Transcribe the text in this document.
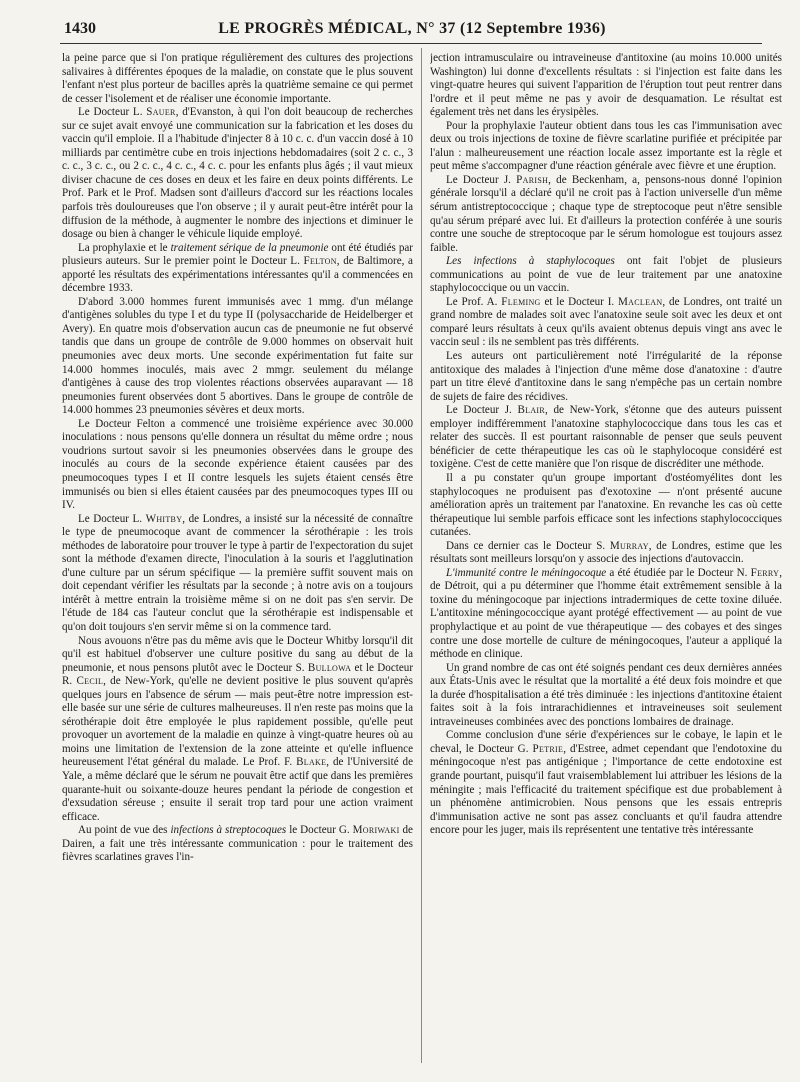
1430	LE PROGRÈS MÉDICAL, N° 37 (12 Septembre 1936)

la peine parce que si l'on pratique régulièrement des cultures des projections salivaires à différentes époques de la maladie, on constate que le plus souvent l'enfant n'est plus porteur de bacilles après la quatrième semaine ce qui permet de cesser l'isolement et de réaliser une économie importante.

Le Docteur L. Sauer, d'Evanston, à qui l'on doit beaucoup de recherches sur ce sujet avait envoyé une communication sur la fabrication et les doses du vaccin qu'il emploie. Il a l'habitude d'injecter 8 à 10 c. c. d'un vaccin dosé à 10 milliards par centimètre cube en trois injections hebdomadaires (soit 2 c. c., 3 c. c., 3 c. c., ou 2 c. c., 4 c. c., 4 c. c. pour les enfants plus âgés ; il vaut mieux diviser chacune de ces doses en deux et les faire en deux points différents. Le Prof. Park et le Prof. Madsen sont d'ailleurs d'accord sur les réactions locales parfois très douloureuses que l'on observe ; il y aurait peut-être intérêt pour la diffusion de la méthode, à augmenter le nombre des injections et diminuer le dosage ou bien à changer le véhicule liquide employé.

La prophylaxie et le traitement sérique de la pneumonie ont été étudiés par plusieurs auteurs. Sur le premier point le Docteur L. Felton, de Baltimore, a apporté les résultats des expérimentations intéressantes qu'il a commencées en décembre 1933.

D'abord 3.000 hommes furent immunisés avec 1 mmg. d'un mélange d'antigènes solubles du type I et du type II (polysaccharide de Heidelberger et Avery). En quatre mois d'observation aucun cas de pneumonie ne fut observé tandis que dans un groupe de contrôle de 9.000 hommes on observait huit pneumonies avec deux morts. Une seconde expérimentation fut faite sur 14.000 hommes inoculés, mais avec 2 mmgr. seulement du mélange d'antigènes à cause des trop violentes réactions observées auparavant — 18 pneumonies furent observées dont 5 abortives. Dans le groupe de contrôle de 14.000 hommes 23 pneumonies sévères et deux morts.

Le Docteur Felton a commencé une troisième expérience avec 30.000 inoculations : nous pensons qu'elle donnera un résultat du même ordre ; nous voudrions surtout savoir si les pneumonies observées dans le groupe des inoculés au cours de la seconde expérience étaient causées par des pneumocoques types I et II contre lesquels les sujets étaient censés être immunisés ou bien si elles étaient causées par des pneumocoques types III ou IV.

Le Docteur L. Whitby, de Londres, a insisté sur la nécessité de connaître le type de pneumocoque avant de commencer la sérothérapie : les trois méthodes de laboratoire pour trouver le type à partir de l'expectoration du sujet sont la méthode d'examen directe, l'inoculation à la souris et l'agglutination d'une culture par un sérum spécifique — la première suffit souvent mais on doit cependant vérifier les résultats par la seconde ; à notre avis on a toujours intérêt à mettre entrain la troisième même si on ne doit pas s'en servir. De l'étude de 184 cas l'auteur conclut que la sérothérapie est indispensable et qu'on doit toujours s'en servir même si on la commence tard.

Nous avouons n'être pas du même avis que le Docteur Whitby lorsqu'il dit qu'il est habituel d'observer une culture positive du sang au début de la pneumonie, et nous pensons plutôt avec le Docteur S. Bullowa et le Docteur R. Cecil, de New-York, qu'elle ne devient positive le plus souvent qu'après quelques jours en l'absence de sérum — mais peut-être notre impression est-elle basée sur une série de cultures malheureuses. Il n'en reste pas moins que la sérothérapie doit être employée le plus rapidement possible, qu'elle peut provoquer un avortement de la maladie en quinze à vingt-quatre heures où au moins une limitation de l'extension de la zone atteinte et qu'elle influence heureusement l'état général du malade. Le Prof. F. Blake, de l'Université de Yale, a même déclaré que le sérum ne pouvait être actif que dans les premières quarante-huit ou soixante-douze heures pendant la période de congestion et d'exsudation séreuse ; ensuite il serait trop tard pour une action vraiment efficace.

Au point de vue des infections à streptocoques le Docteur G. Moriwaki de Dairen, a fait une très intéressante communication : pour le traitement des fièvres scarlatines graves l'in-

jection intramusculaire ou intraveineuse d'antitoxine (au moins 10.000 unités Washington) lui donne d'excellents résultats : si l'injection est faite dans les vingt-quatre heures qui suivent l'apparition de l'éruption tout peut rentrer dans l'ordre et il peut même ne pas y avoir de desquamation. Le résultat est également très net dans les érysipèles.

Pour la prophylaxie l'auteur obtient dans tous les cas l'immunisation avec deux ou trois injections de toxine de fièvre scarlatine purifiée et précipitée par l'alun : malheureusement une réaction locale assez importante est la règle et peut même s'accompagner d'une réaction générale avec fièvre et une éruption.

Le Docteur J. Parish, de Beckenham, a, pensons-nous donné l'opinion générale lorsqu'il a déclaré qu'il ne croit pas à l'action universelle d'un même sérum antistreptococcique ; chaque type de streptocoque peut n'être sensible qu'au sérum préparé avec lui. Et d'ailleurs la protection conférée à une souris contre une souche de streptocoque par le sérum homologue est toujours assez faible.

Les infections à staphylocoques ont fait l'objet de plusieurs communications au point de vue de leur traitement par une anatoxine staphylococcique ou un vaccin.

Le Prof. A. Fleming et le Docteur I. Maclean, de Londres, ont traité un grand nombre de malades soit avec l'anatoxine seule soit avec les deux et ont comparé leurs résultats à ceux qu'ils avaient obtenus depuis vingt ans avec le vaccin seul : ils ne semblent pas très différents.

Les auteurs ont particulièrement noté l'irrégularité de la réponse antitoxique des malades à l'injection d'une même dose d'anatoxine : d'autre part un titre élevé d'antitoxine dans le sang n'empêche pas un certain nombre de sujets de faire des récidives.

Le Docteur J. Blair, de New-York, s'étonne que des auteurs puissent employer indifféremment l'anatoxine staphylococcique dans tous les cas et relater des succès. Il est pourtant raisonnable de penser que seuls peuvent bénéficier de cette thérapeutique les cas où le staphylocoque considéré est toxigène. C'est de cette manière que l'on risque de discréditer une méthode.

Il a pu constater qu'un groupe important d'ostéomyélites dont les staphylocoques ne produisent pas d'exotoxine — n'ont présenté aucune amélioration après un traitement par l'anatoxine. En revanche les cas où cette thérapeutique lui semble parfois efficace sont les infections staphylococciques cutanées.

Dans ce dernier cas le Docteur S. Murray, de Londres, estime que les résultats sont meilleurs lorsqu'on y associe des injections d'autovaccin.

L'immunité contre le méningocoque a été étudiée par le Docteur N. Ferry, de Détroit, qui a pu déterminer que l'homme était extrêmement sensible à la toxine du méningocoque par injections intradermiques de cette toxine diluée. L'antitoxine méningococcique ayant protégé effectivement — au point de vue prophylactique et au point de vue thérapeutique — des cobayes et des singes contre une dose mortelle de culture de méningocoques, l'auteur a appliqué la méthode en clinique.

Un grand nombre de cas ont été soignés pendant ces deux dernières années aux États-Unis avec le résultat que la mortalité a été deux fois moindre et que la durée d'hospitalisation a été très diminuée : les injections d'antitoxine étaient faites soit à la fois intrarachidiennes et intraveineuses soit seulement intraveineuses combinées avec des ponctions lombaires de drainage.

Comme conclusion d'une série d'expériences sur le cobaye, le lapin et le cheval, le Docteur G. Petrie, d'Estree, admet cependant que l'endotoxine du méningocoque n'est pas antigénique ; l'importance de cette endotoxine est grande pourtant, puisqu'il faut vraisemblablement lui attribuer les lésions de la méningite ; mais l'efficacité du traitement spécifique est due probablement à un phénomène antimicrobien. Nous pensons que les essais entrepris d'immunisation active ne sont pas assez concluants et qu'il faudra attendre encore pour les juger, mais ils représentent une tentative très intéressante
